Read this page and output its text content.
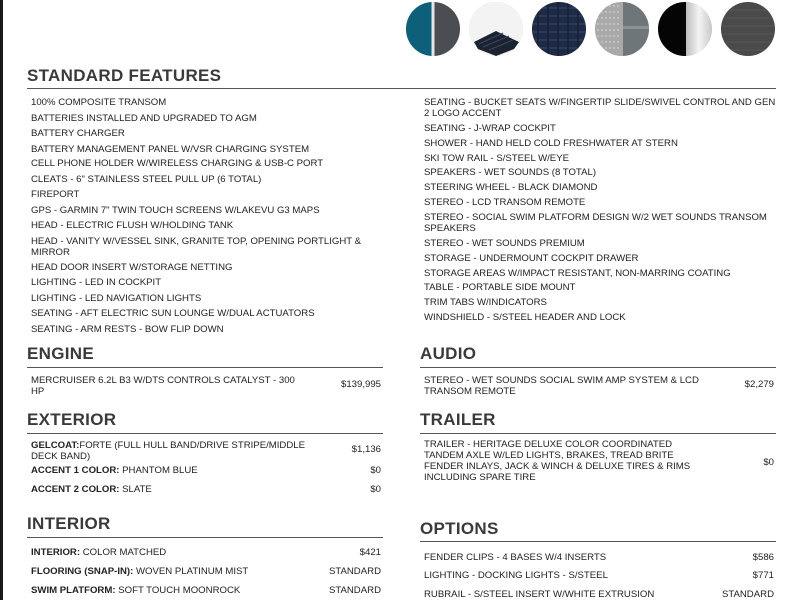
STANDARD FEATURES
100% COMPOSITE TRANSOM
BATTERIES INSTALLED AND UPGRADED TO AGM
BATTERY CHARGER
BATTERY MANAGEMENT PANEL W/VSR CHARGING SYSTEM
CELL PHONE HOLDER W/WIRELESS CHARGING & USB-C PORT
CLEATS - 6" STAINLESS STEEL PULL UP (6 TOTAL)
FIREPORT
GPS - GARMIN 7" TWIN TOUCH SCREENS W/LAKEVU G3 MAPS
HEAD - ELECTRIC FLUSH W/HOLDING TANK
HEAD - VANITY W/VESSEL SINK, GRANITE TOP, OPENING PORTLIGHT & MIRROR
HEAD DOOR INSERT W/STORAGE NETTING
LIGHTING - LED IN COCKPIT
LIGHTING - LED NAVIGATION LIGHTS
SEATING - AFT ELECTRIC SUN LOUNGE W/DUAL ACTUATORS
SEATING - ARM RESTS - BOW FLIP DOWN
SEATING - BUCKET SEATS W/FINGERTIP SLIDE/SWIVEL CONTROL AND GEN 2 LOGO ACCENT
SEATING - J-WRAP COCKPIT
SHOWER - HAND HELD COLD FRESHWATER AT STERN
SKI TOW RAIL - S/STEEL W/EYE
SPEAKERS - WET SOUNDS (8 TOTAL)
STEERING WHEEL - BLACK DIAMOND
STEREO - LCD TRANSOM REMOTE
STEREO - SOCIAL SWIM PLATFORM DESIGN W/2 WET SOUNDS TRANSOM SPEAKERS
STEREO - WET SOUNDS PREMIUM
STORAGE - UNDERMOUNT COCKPIT DRAWER
STORAGE AREAS W/IMPACT RESISTANT, NON-MARRING COATING
TABLE - PORTABLE SIDE MOUNT
TRIM TABS W/INDICATORS
WINDSHIELD - S/STEEL HEADER AND LOCK
ENGINE
MERCRUISER 6.2L B3 W/DTS CONTROLS CATALYST - 300 HP
$139,995
AUDIO
STEREO - WET SOUNDS SOCIAL SWIM AMP SYSTEM & LCD TRANSOM REMOTE
$2,279
EXTERIOR
GELCOAT:FORTE (FULL HULL BAND/DRIVE STRIPE/MIDDLE DECK BAND)
$1,136
ACCENT 1 COLOR: PHANTOM BLUE	$0
ACCENT 2 COLOR: SLATE	$0
TRAILER
TRAILER - HERITAGE DELUXE COLOR COORDINATED TANDEM AXLE W/LED LIGHTS, BRAKES, TREAD BRITE FENDER INLAYS, JACK & WINCH & DELUXE TIRES & RIMS INCLUDING SPARE TIRE
$0
INTERIOR
INTERIOR: COLOR MATCHED	$421
FLOORING (SNAP-IN): WOVEN PLATINUM MIST	STANDARD
SWIM PLATFORM: SOFT TOUCH MOONROCK	STANDARD
OPTIONS
FENDER CLIPS - 4 BASES W/4 INSERTS	$586
LIGHTING - DOCKING LIGHTS - S/STEEL	$771
RUBRAIL - S/STEEL INSERT W/WHITE EXTRUSION	STANDARD
